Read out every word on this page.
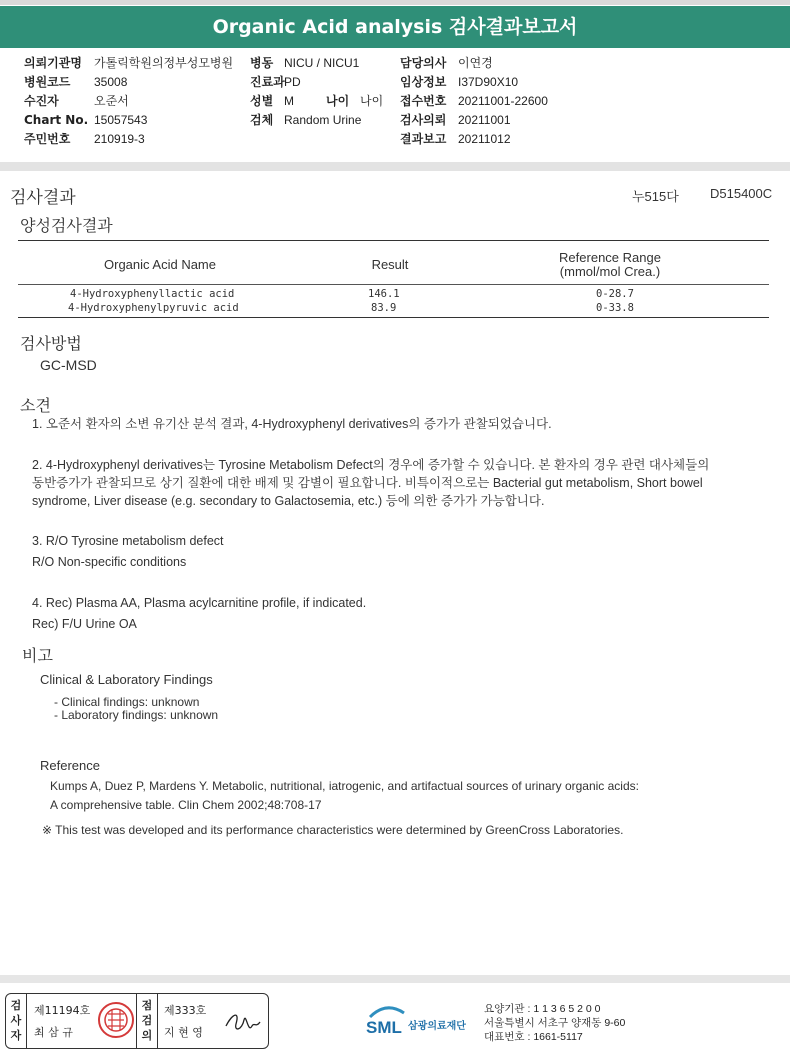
Organic Acid analysis 검사결과보고서
의뢰기관명 가톨릭학원의정부성모병원 병동 NICU / NICU1	담당의사 이연경
병원코드 35008	진료과 PD	임상정보 I37D90X10
수진자	오준서	성별 M	나이 나이 접수번호 20211001-22600
Chart No. 15057543	검체 Random Urine	검사의뢰 20211001
주민번호 210919-3	결과보고 20211012
검사결과	누515다 D515400C
양성검사결과
Organic Acid Name	Result	Reference Range
(mmol/mol Crea.)
4-Hydroxyphenyllactic acid	146.1	0-28.7
4-Hydroxyphenylpyruvic acid	83.9	0-33.8
검사방법
GC-MSD
소견
1. 오준서 환자의 소변 유기산 분석 결과, 4-Hydroxyphenyl derivatives의 증가가 관찰되었습니다.
2. 4-Hydroxyphenyl derivatives는 Tyrosine Metabolism Defect의 경우에 증가할 수 있습니다. 본 환자의 경우 관련 대사체들의
동반증가가 관찰되므로 상기 질환에 대한 배제 및 감별이 필요합니다. 비특이적으로는 Bacterial gut metabolism, Short bowel
syndrome, Liver disease (e.g. secondary to Galactosemia, etc.) 등에 의한 증가가 가능합니다.
3. R/O Tyrosine metabolism defect
R/O Non-specific conditions
4. Rec) Plasma AA, Plasma acylcarnitine profile, if indicated.
Rec) F/U Urine OA
비고
Clinical & Laboratory Findings
- Clinical findings: unknown
- Laboratory findings: unknown
Reference
Kumps A, Duez P, Mardens Y. Metabolic, nutritional, iatrogenic, and artifactual sources of urinary organic acids:
A comprehensive table. Clin Chem 2002;48:708-17
※ This test was developed and its performance characteristics were determined by GreenCross Laboratories.
검사자
제11194호
최 삼 규
점검의
제333호
지 현 영	SML 삼광의료재단
요양기관 : 1 1 3 6 5 2 0 0
서울특별시 서초구 양재동 9-60
대표번호 : 1661-5117
